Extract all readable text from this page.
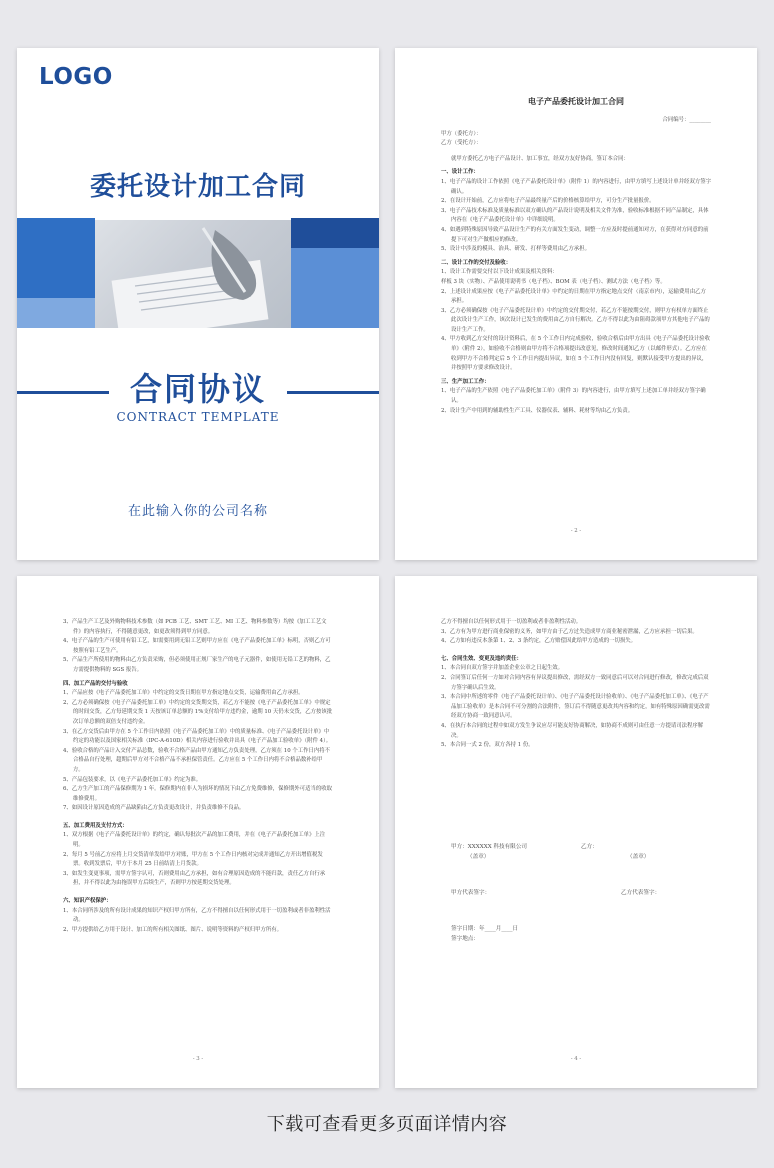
LOGO
委托设计加工合同
合同协议
CONTRACT TEMPLATE
在此输入你的公司名称
电子产品委托设计加工合同

合同编号：________

甲方（委托方）：

乙方（受托方）：

就甲方委托乙方电子产品设计、加工事宜，经双方友好协商，签订本合同：

一、设计工作：

1、电子产品的设计工作依照《电子产品委托设计单》（附件 1）的内容进行，由甲方填写上述设计单并经双方签字确认。

2、在设计开始前，乙方应将电子产品最终量产后的价格核算给甲方，可分生产批量报价。

3、电子产品技术标准及质量标准以双方确认的产品设计说明及相关文件为准，验收标准根据不同产品制定，具体内容在《电子产品委托设计单》中详细说明。

4、如遇到特殊原因导致产品设计生产的有关方面发生变动，调整一方应及时提前通知对方，在获得对方同意的前提下可对生产做相应的修改。

5、设计中涉及的模具、治具、研发、打样等费用由乙方承担。

二、设计工作的交付及验收：

1、设计工作需要交付以下设计成果及相关资料：

样板 3 块（实物）、产品使用说明书（电子档）、BOM 表（电子档）、测试方法（电子档）等。

2、上述设计成果应按《电子产品委托设计单》中约定的日期在甲方指定地点交付（南京市内），运输费用由乙方承担。

3、乙方必须确保按《电子产品委托设计单》中约定的交付期交付，若乙方不能按期交付，则甲方有权单方面终止此次设计生产工作，该次设计已发生的费用由乙方自行解决。乙方不得以此为由阻碍款项甲方其他电子产品的设计生产工作。

4、甲方收到乙方交付的设计资料后，在 5 个工作日内完成验收，验收合格后由甲方出具《电子产品委托设计验收单》（附件 2），如验收不合格则由甲方将不合格项提出改意见，修改时间通知乙方（以邮件形式）。乙方应在收到甲方不合格判定后 5 个工作日内提出异议，如在 5 个工作日内没有回复，则默认接受甲方提出的异议，并按照甲方要求修改设计。

三、生产加工工作：

1、电子产品的生产依照《电子产品委托加工单》（附件 3）的内容进行，由甲方填写上述加工单并经双方签字确认。

2、设计生产中用到的辅助性生产工具、仪器仪表、辅料、耗材等均由乙方负责。

- 2 -

3、产品生产工艺及外购物料技术参数（如 PCB 工艺、SMT 工艺、MI 工艺、物料参数等）均按《加工工艺文件》的内容执行，不得随意更改，如更改须得到甲方同意。

4、电子产品的生产可使用有铅工艺，如需要用到无铅工艺则甲方应在《电子产品委托加工单》标明，否则乙方可按照有铅工艺生产。

5、产品生产所使用的物料由乙方负责采购，但必须使用正规厂家生产的电子元器件，如使用无铅工艺的物料，乙方需提供物料的 SGS 报告。

四、加工产品的交付与验收

1、产品应按《电子产品委托加工单》中约定的交货日期在甲方指定地点交货，运输费用由乙方承担。

2、乙方必须确保按《电子产品委托加工单》中约定的交货期交货，若乙方不能按《电子产品委托加工单》中规定的时间交货，乙方每延期交货 1 天按该订单总额的 1%支付给甲方违约金，逾期 10 天仍未交货，乙方按该批次订单总额的双倍支付违约金。

3、在乙方交货后由甲方在 5 个工作日内依照《电子产品委托加工单》中的质量标准、《电子产品委托设计单》中约定的功能以及国家相关标准（IPC-A-610D）相关内容进行验收并出具《电子产品加工验收单》（附件 4）。

4、验收合格的产品计入交付产品总数，验收不合格产品由甲方通知乙方负责处理，乙方须在 10 个工作日内将不合格品自行处理，超期后甲方对不合格产品不承担保管责任。乙方应在 5 个工作日内将不合格品数补给甲方。

5、产品包装要求，以《电子产品委托加工单》约定为准。

6、乙方生产加工的产品保修期为 1 年。保修期内在非人为损坏的情况下由乙方免费维修，保修期外可适当的收取维修费用。

7、如因设计原因造成的产品缺陷由乙方负责更改设计，并负责维修不良品。

五、加工费用及支付方式：

1、双方根据《电子产品委托设计单》的约定，确认每批次产品的加工费用，并在《电子产品委托加工单》上注明。

2、每月 5 号前乙方应将上月交货清单发给甲方对账，甲方在 5 个工作日内核对完成并通知乙方开出增值税发票。收到发票后，甲方于本月 25 日前结清上月货款。

3、如发生变更事项，需甲方签字认可，否则费用由乙方承担，如有合理原因造成的不能归款，责任乙方自行承担，并不得以此为由拖误甲方后续生产，否则甲方按延期交货处理。

六、知识产权保护：

1、本合同所涉及的所有设计成果的知识产权归甲方所有，乙方不得擅自以任何形式用于一切盈利或者非盈利性活动。

2、甲方提供给乙方用于设计、加工的所有相关图纸、图片、说明等资料的产权归甲方所有。

- 3 -

乙方不得擅自以任何形式用于一切盈利或者非盈利性活动。

3、乙方有为甲方进行商业保密的义务，如甲方由于乙方过失造成甲方商业秘密泄漏，乙方应承担一切后果。

4、乙方如有违反本条第 1、2、3 条约定，乙方赔偿因此给甲方造成的一切损失。

七、合同生效、变更及违约责任：

1、本合同自双方签字并加盖企业公章之日起生效。

2、合同签订后任何一方如对合同内容有异议提出修改，需经双方一致同意后可以对合同进行修改，修改完成后双方签字确认后生效。

3、本合同中所述的零件《电子产品委托设计单》、《电子产品委托设计验收单》、《电子产品委托加工单》、《电子产品加工验收单》是本合同不可分割的合法附件，签订后不得随意更改其内容和约定，如有特殊原因确需更改需经双方协商一致同意认可。

4、在执行本合同的过程中如双方发生争议应尽可能友好协商解决，如协商不成则可由任意一方提请司法程序解决。

5、本合同一式 2 份，双方各持 1 份。

甲方：XXXXXX 科技有限公司	乙方：
（盖章）	（盖章）
甲方代表签字：	乙方代表签字：
签字日期：年____月____日
签字地点：
- 4 -
下载可查看更多页面详情内容
